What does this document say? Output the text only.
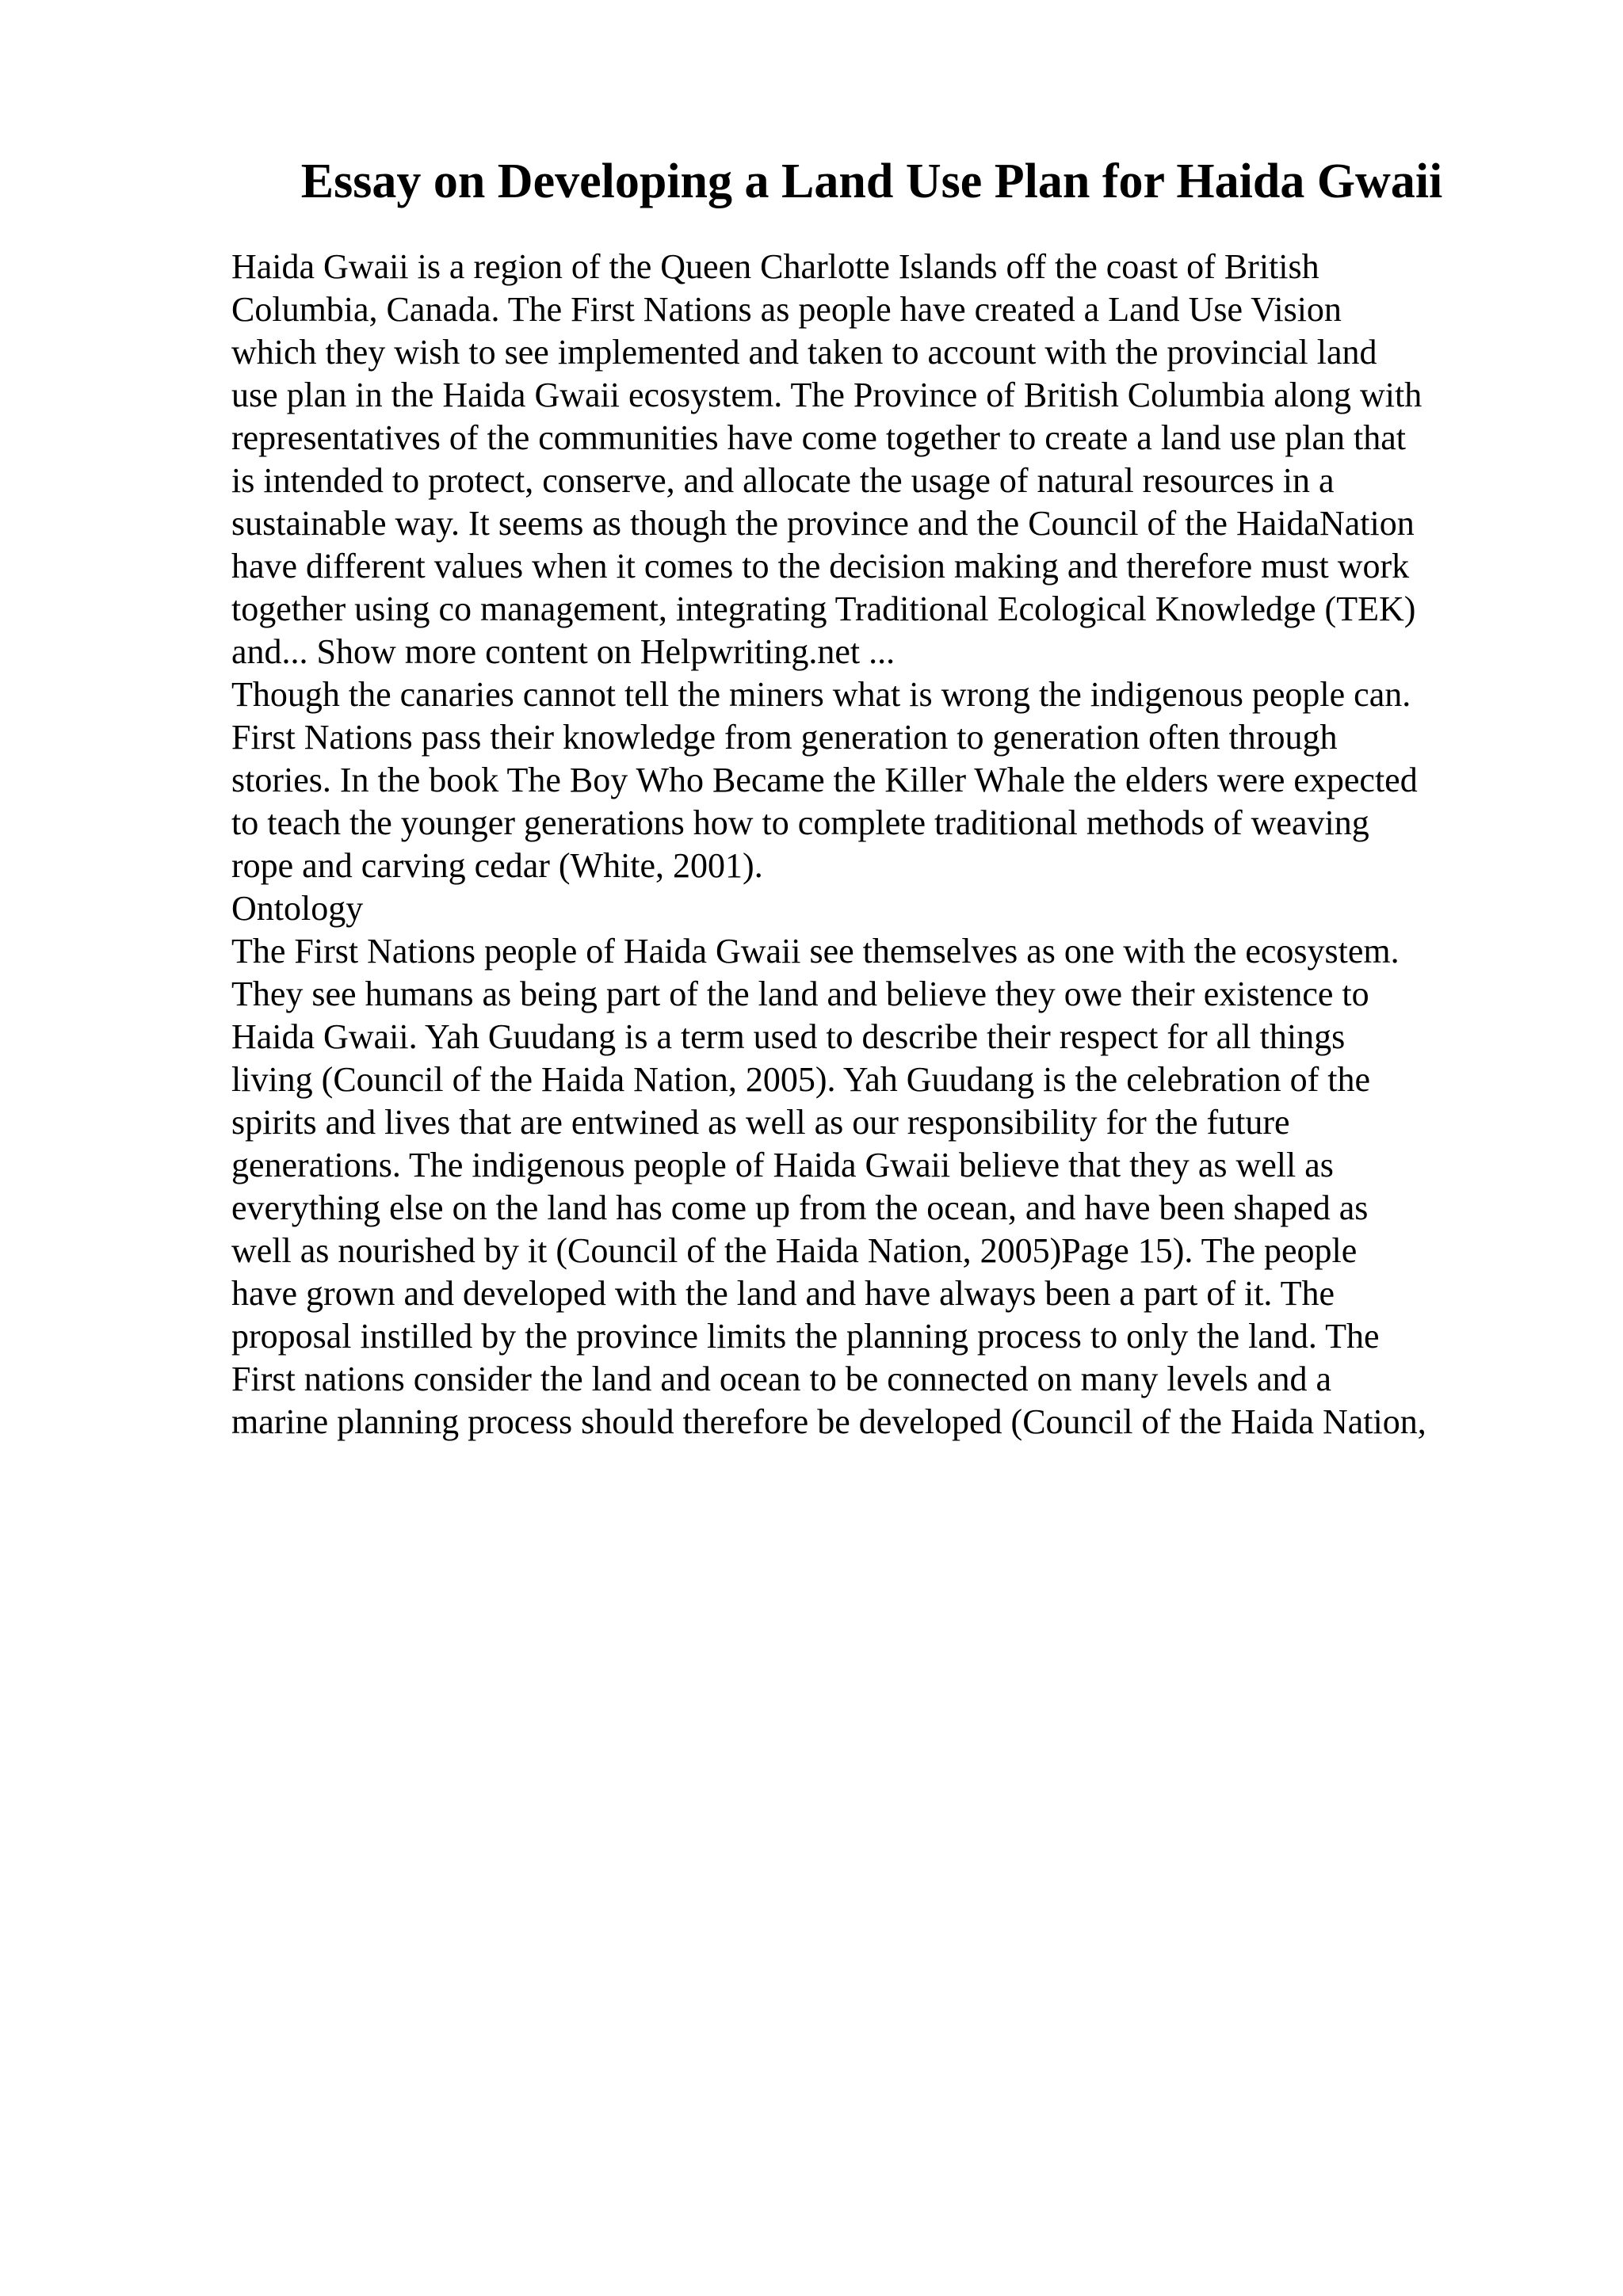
Essay on Developing a Land Use Plan for Haida Gwaii
Haida Gwaii is a region of the Queen Charlotte Islands off the coast of British
Columbia, Canada. The First Nations as people have created a Land Use Vision
which they wish to see implemented and taken to account with the provincial land
use plan in the Haida Gwaii ecosystem. The Province of British Columbia along with
representatives of the communities have come together to create a land use plan that
is intended to protect, conserve, and allocate the usage of natural resources in a
sustainable way. It seems as though the province and the Council of the HaidaNation
have different values when it comes to the decision making and therefore must work
together using co management, integrating Traditional Ecological Knowledge (TEK)
and... Show more content on Helpwriting.net ...
Though the canaries cannot tell the miners what is wrong the indigenous people can.
First Nations pass their knowledge from generation to generation often through
stories. In the book The Boy Who Became the Killer Whale the elders were expected
to teach the younger generations how to complete traditional methods of weaving
rope and carving cedar (White, 2001).
Ontology
The First Nations people of Haida Gwaii see themselves as one with the ecosystem.
They see humans as being part of the land and believe they owe their existence to
Haida Gwaii. Yah Guudang is a term used to describe their respect for all things
living (Council of the Haida Nation, 2005). Yah Guudang is the celebration of the
spirits and lives that are entwined as well as our responsibility for the future
generations. The indigenous people of Haida Gwaii believe that they as well as
everything else on the land has come up from the ocean, and have been shaped as
well as nourished by it (Council of the Haida Nation, 2005)Page 15). The people
have grown and developed with the land and have always been a part of it. The
proposal instilled by the province limits the planning process to only the land. The
First nations consider the land and ocean to be connected on many levels and a
marine planning process should therefore be developed (Council of the Haida Nation,
